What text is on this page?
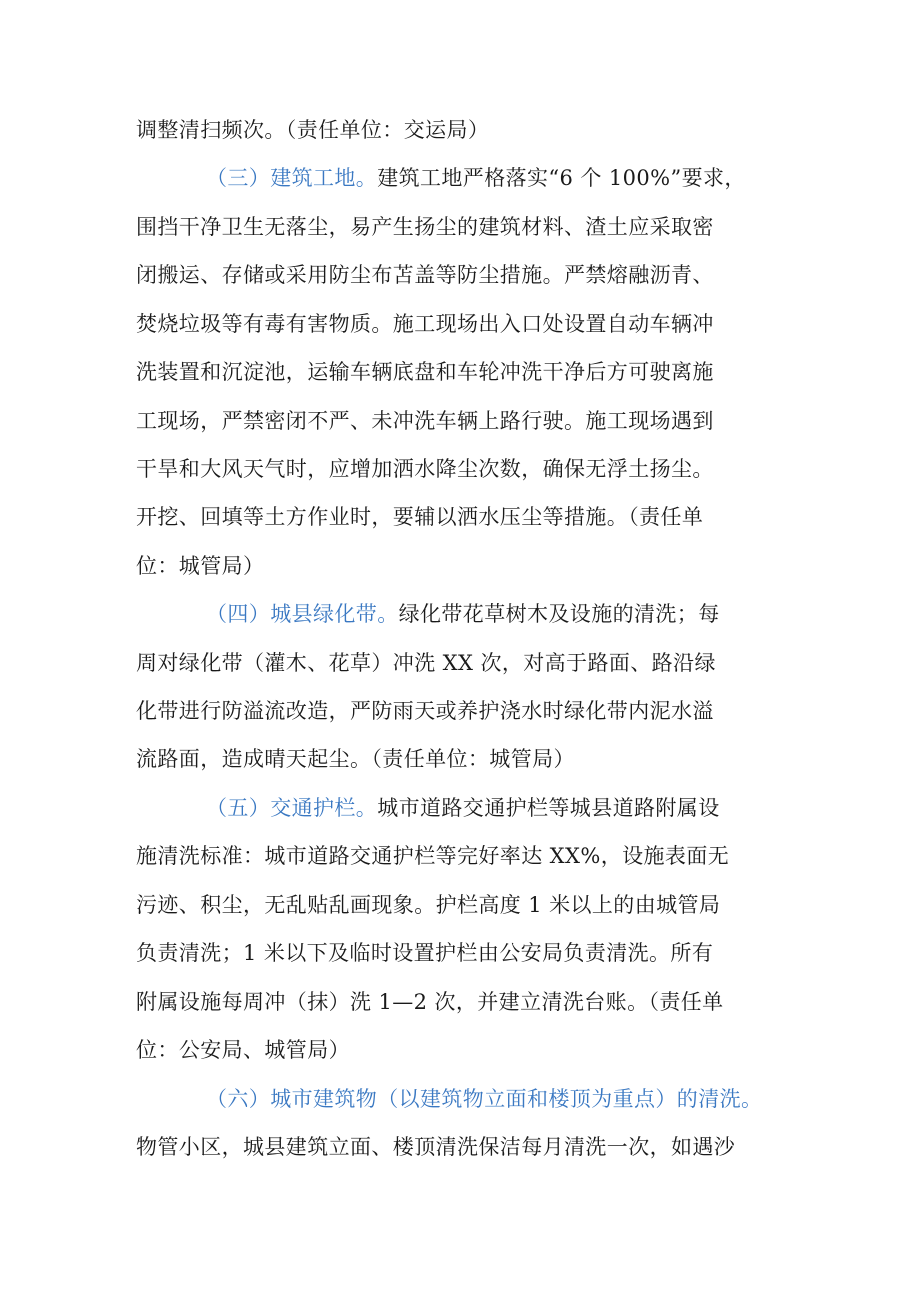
调整清扫频次。（责任单位：交运局）
（三）建筑工地。建筑工地严格落实“6 个 100%”要求，
围挡干净卫生无落尘，易产生扬尘的建筑材料、渣土应采取密
闭搬运、存储或采用防尘布苫盖等防尘措施。严禁熔融沥青、
焚烧垃圾等有毒有害物质。施工现场出入口处设置自动车辆冲
洗装置和沉淀池，运输车辆底盘和车轮冲洗干净后方可驶离施
工现场，严禁密闭不严、未冲洗车辆上路行驶。施工现场遇到
干旱和大风天气时，应增加洒水降尘次数，确保无浮土扬尘。
开挖、回填等土方作业时，要辅以洒水压尘等措施。（责任单
位：城管局）
（四）城县绿化带。绿化带花草树木及设施的清洗；每
周对绿化带（灌木、花草）冲洗 XX 次，对高于路面、路沿绿
化带进行防溢流改造，严防雨天或养护浇水时绿化带内泥水溢
流路面，造成晴天起尘。（责任单位：城管局）
（五）交通护栏。城市道路交通护栏等城县道路附属设
施清洗标准：城市道路交通护栏等完好率达 XX%，设施表面无
污迹、积尘，无乱贴乱画现象。护栏高度 1 米以上的由城管局
负责清洗；1 米以下及临时设置护栏由公安局负责清洗。所有
附属设施每周冲（抹）洗 1—2 次，并建立清洗台账。（责任单
位：公安局、城管局）
（六）城市建筑物（以建筑物立面和楼顶为重点）的清洗。
物管小区，城县建筑立面、楼顶清洗保洁每月清洗一次，如遇沙
